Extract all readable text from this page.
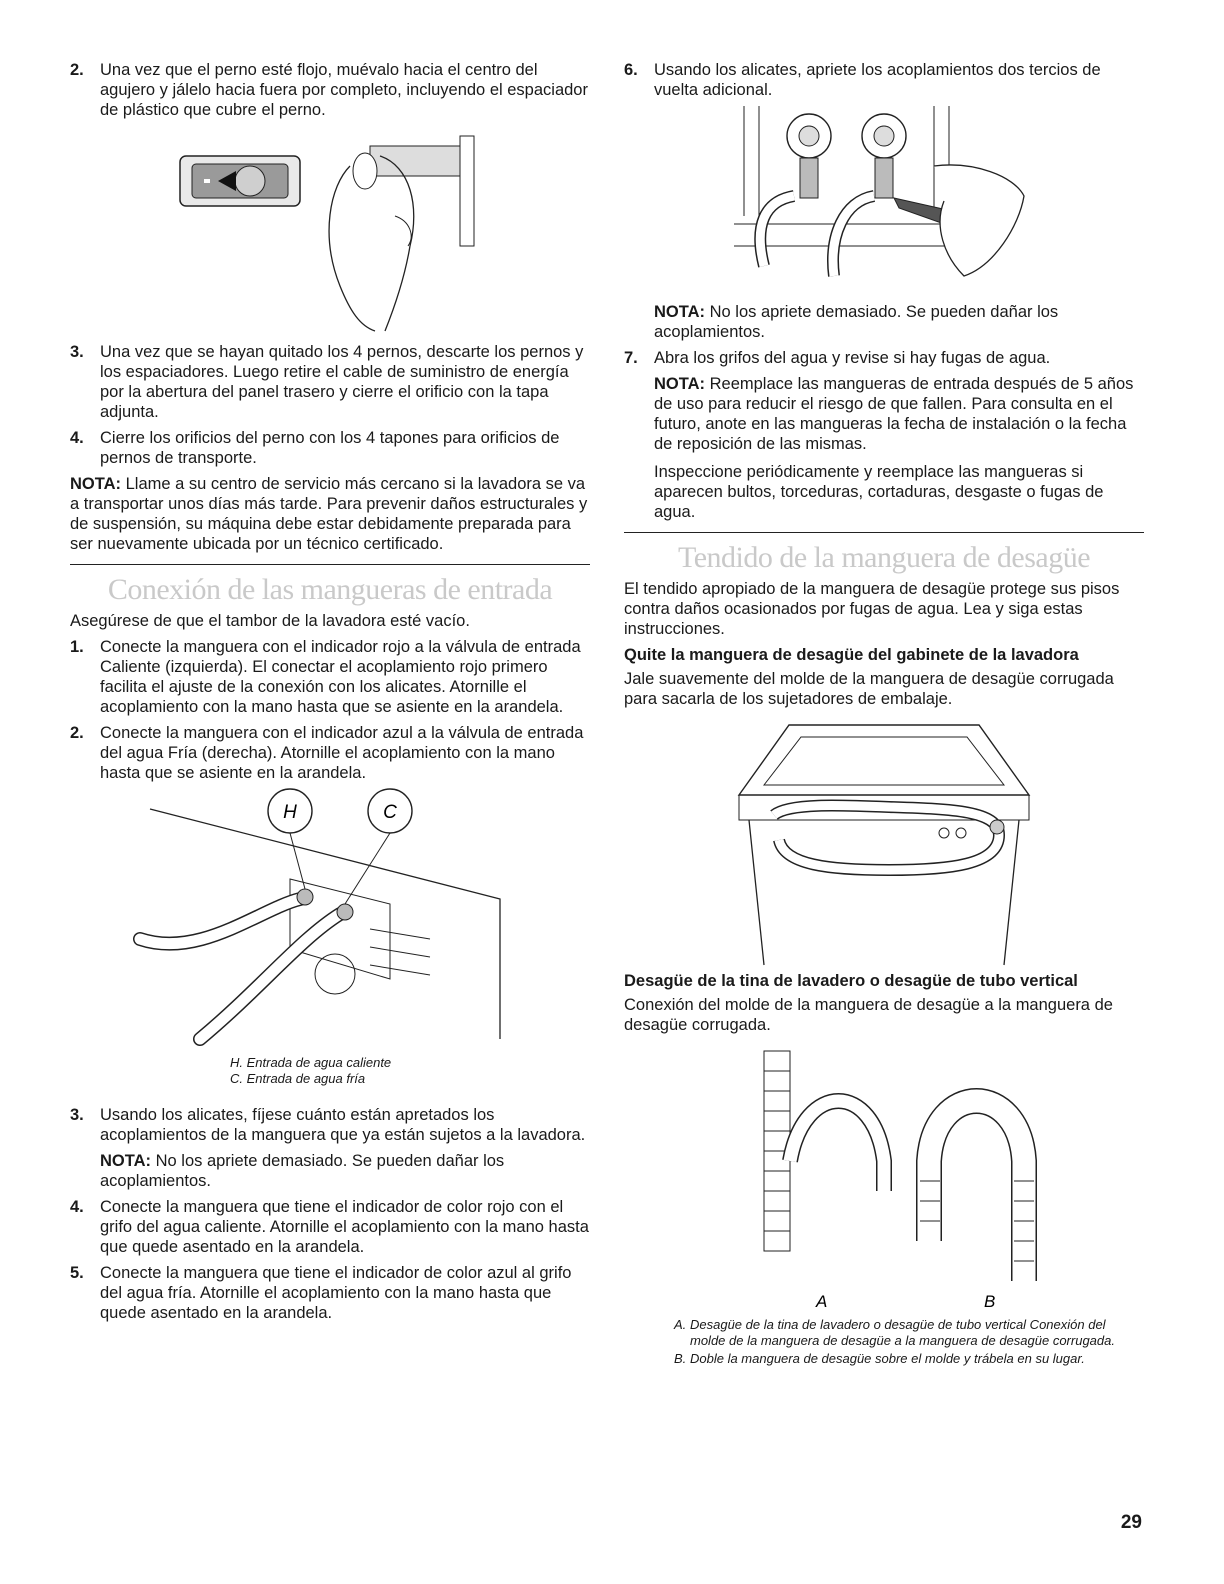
2. Una vez que el perno esté flojo, muévalo hacia el centro del agujero y jálelo hacia fuera por completo, incluyendo el espaciador de plástico que cubre el perno.
3. Una vez que se hayan quitado los 4 pernos, descarte los pernos y los espaciadores. Luego retire el cable de suministro de energía por la abertura del panel trasero y cierre el orificio con la tapa adjunta.
4. Cierre los orificios del perno con los 4 tapones para orificios de pernos de transporte.

NOTA: Llame a su centro de servicio más cercano si la lavadora se va a transportar unos días más tarde. Para prevenir daños estructurales y de suspensión, su máquina debe estar debidamente preparada para ser nuevamente ubicada por un técnico certificado.

Conexión de las mangueras de entrada

Asegúrese de que el tambor de la lavadora esté vacío.

1. Conecte la manguera con el indicador rojo a la válvula de entrada Caliente (izquierda). El conectar el acoplamiento rojo primero facilita el ajuste de la conexión con los alicates. Atornille el acoplamiento con la mano hasta que se asiente en la arandela.
2. Conecte la manguera con el indicador azul a la válvula de entrada del agua Fría (derecha). Atornille el acoplamiento con la mano hasta que se asiente en la arandela.
H	C
H. Entrada de agua caliente
C. Entrada de agua fría
3. Usando los alicates, fíjese cuánto están apretados los acoplamientos de la manguera que ya están sujetos a la lavadora.

NOTA: No los apriete demasiado. Se pueden dañar los acoplamientos.

4. Conecte la manguera que tiene el indicador de color rojo con el grifo del agua caliente. Atornille el acoplamiento con la mano hasta que quede asentado en la arandela.
5. Conecte la manguera que tiene el indicador de color azul al grifo del agua fría. Atornille el acoplamiento con la mano hasta que quede asentado en la arandela.
6. Usando los alicates, apriete los acoplamientos dos tercios de vuelta adicional.

NOTA: No los apriete demasiado. Se pueden dañar los acoplamientos.

7. Abra los grifos del agua y revise si hay fugas de agua.

NOTA: Reemplace las mangueras de entrada después de 5 años de uso para reducir el riesgo de que fallen. Para consulta en el futuro, anote en las mangueras la fecha de instalación o la fecha de reposición de las mismas.

Inspeccione periódicamente y reemplace las mangueras si aparecen bultos, torceduras, cortaduras, desgaste o fugas de agua.

Tendido de la manguera de desagüe

El tendido apropiado de la manguera de desagüe protege sus pisos contra daños ocasionados por fugas de agua. Lea y siga estas instrucciones.

Quite la manguera de desagüe del gabinete de la lavadora

Jale suavemente del molde de la manguera de desagüe corrugada para sacarla de los sujetadores de embalaje.

Desagüe de la tina de lavadero o desagüe de tubo vertical

Conexión del molde de la manguera de desagüe a la manguera de desagüe corrugada.

A	B
A. Desagüe de la tina de lavadero o desagüe de tubo vertical Conexión del molde de la manguera de desagüe a la manguera de desagüe corrugada.
B. Doble la manguera de desagüe sobre el molde y trábela en su lugar.
29
